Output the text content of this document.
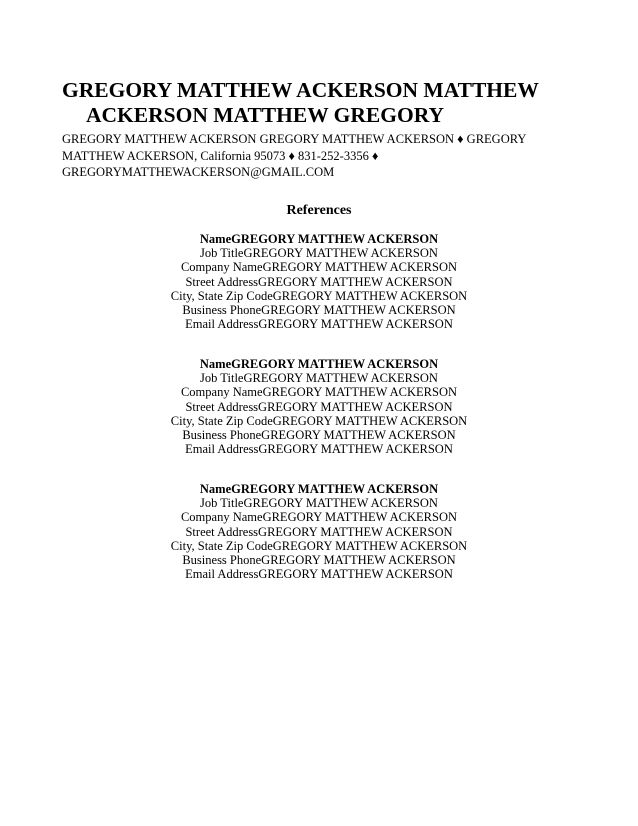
GREGORY MATTHEW ACKERSON MATTHEW ACKERSON MATTHEW GREGORY

GREGORY MATTHEW ACKERSON GREGORY MATTHEW ACKERSON ♦ GREGORY MATTHEW ACKERSON, California 95073 ♦ 831-252-3356 ♦ GREGORYMATTHEWACKERSON@GMAIL.COM

References
NameGREGORY MATTHEW ACKERSON
Job TitleGREGORY MATTHEW ACKERSON
Company NameGREGORY MATTHEW ACKERSON
Street AddressGREGORY MATTHEW ACKERSON
City, State Zip CodeGREGORY MATTHEW ACKERSON
Business PhoneGREGORY MATTHEW ACKERSON
Email AddressGREGORY MATTHEW ACKERSON
NameGREGORY MATTHEW ACKERSON
Job TitleGREGORY MATTHEW ACKERSON
Company NameGREGORY MATTHEW ACKERSON
Street AddressGREGORY MATTHEW ACKERSON
City, State Zip CodeGREGORY MATTHEW ACKERSON
Business PhoneGREGORY MATTHEW ACKERSON
Email AddressGREGORY MATTHEW ACKERSON
NameGREGORY MATTHEW ACKERSON
Job TitleGREGORY MATTHEW ACKERSON
Company NameGREGORY MATTHEW ACKERSON
Street AddressGREGORY MATTHEW ACKERSON
City, State Zip CodeGREGORY MATTHEW ACKERSON
Business PhoneGREGORY MATTHEW ACKERSON
Email AddressGREGORY MATTHEW ACKERSON
